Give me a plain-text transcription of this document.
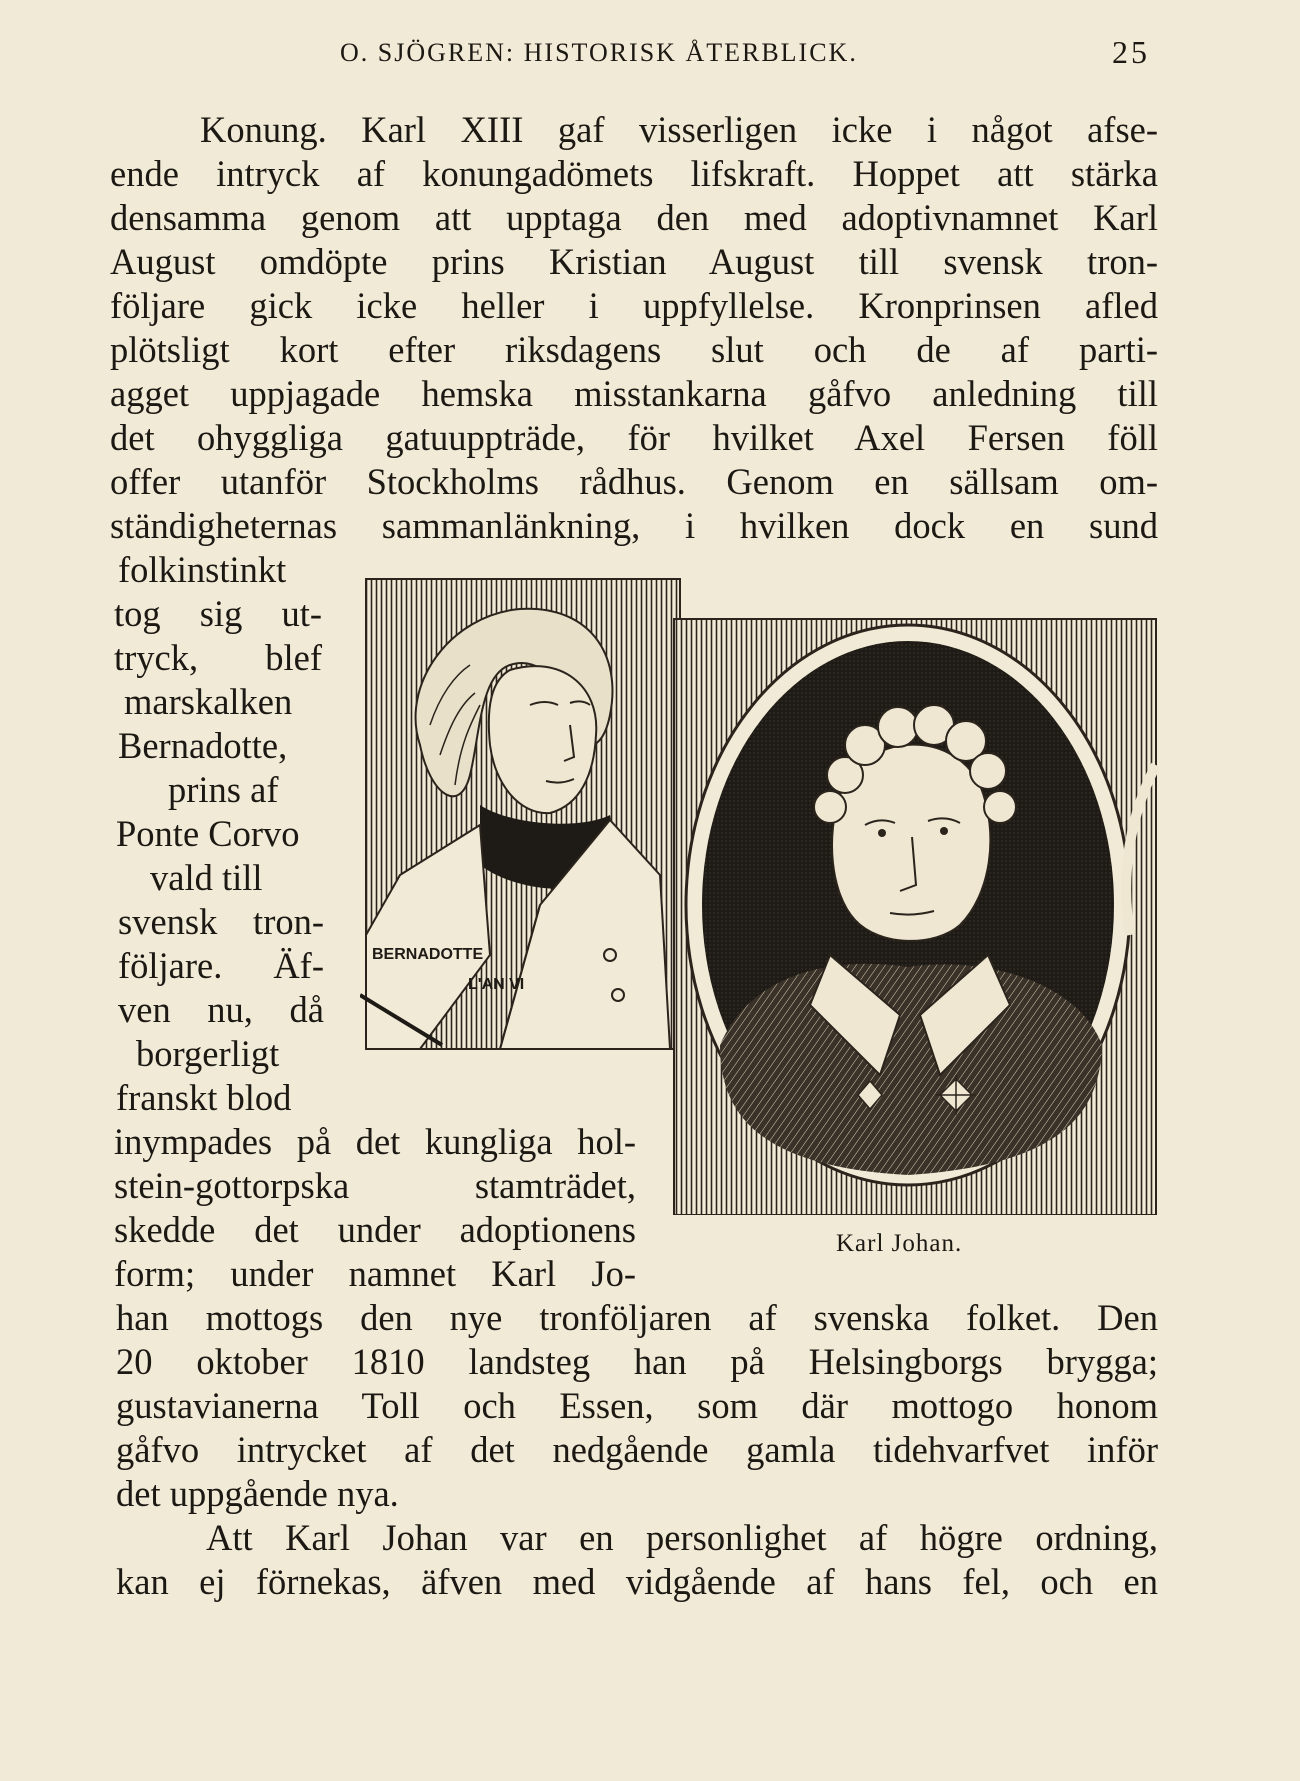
O. SJÖGREN: HISTORISK ÅTERBLICK.	25
Konung. Karl XIII gaf visserligen icke i något afse-
ende intryck af konungadömets lifskraft. Hoppet att stärka
densamma genom att upptaga den med adoptivnamnet Karl
August omdöpte prins Kristian August till svensk tron-
följare gick icke heller i uppfyllelse. Kronprinsen afled
plötsligt kort efter riksdagens slut och de af parti-
agget uppjagade hemska misstankarna gåfvo anledning till
det ohyggliga gatuuppträde, för hvilket Axel Fersen föll
offer utanför Stockholms rådhus. Genom en sällsam om-
ständigheternas sammanlänkning, i hvilken dock en sund
folkinstinkt
tog sig ut-
tryck, blef
marskalken
Bernadotte,
prins af
Ponte Corvo
vald till
svensk tron-
följare. Äf-
ven nu, då
borgerligt
franskt blod
inympades på det kungliga hol-
stein-gottorpska stamträdet,
skedde det under adoptionens
form; under namnet Karl Jo-
han mottogs den nye tronföljaren af svenska folket. Den
20 oktober 1810 landsteg han på Helsingborgs brygga;
gustavianerna Toll och Essen, som där mottogo honom
gåfvo intrycket af det nedgående gamla tidehvarfvet inför
det uppgående nya.
Att Karl Johan var en personlighet af högre ordning,
kan ej förnekas, äfven med vidgående af hans fel, och en
BERNADOTTE
L'AN VI
Karl Johan.
